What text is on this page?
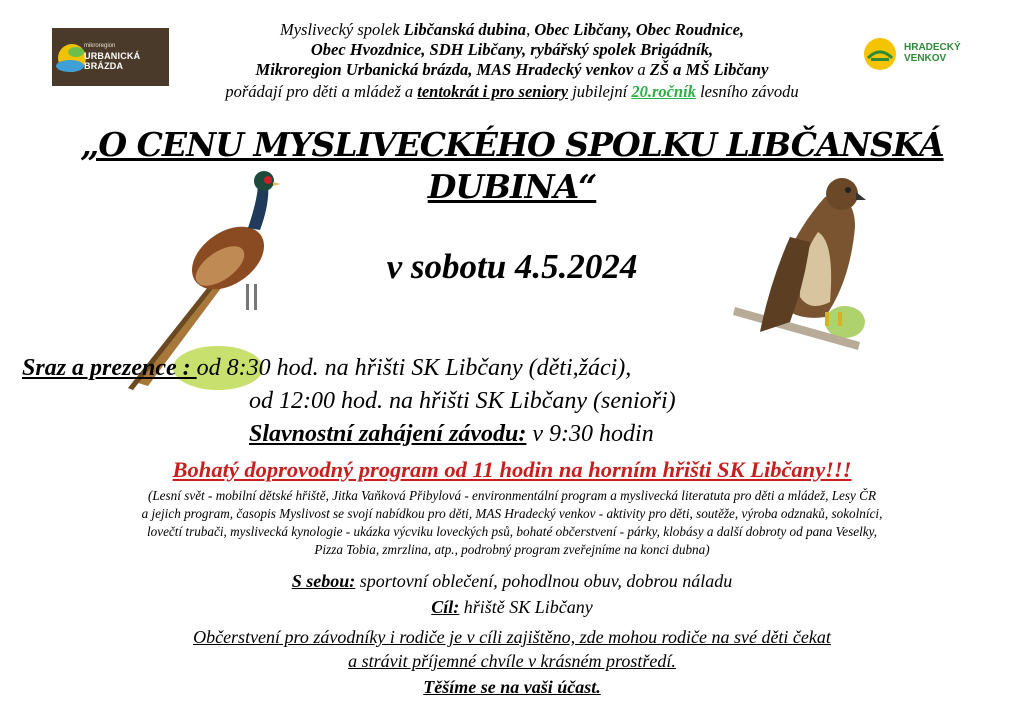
mikroregion
URBANICKÁ BRÁZDA
HRADECKÝ
VENKOV
Myslivecký spolek Libčanská dubina, Obec Libčany, Obec Roudnice,
Obec Hvozdnice, SDH Libčany, rybářský spolek Brigádník,
Mikroregion Urbanická brázda, MAS Hradecký venkov a ZŠ a MŠ Libčany
pořádají pro děti a mládež a tentokrát i pro seniory jubilejní 20.ročník lesního závodu
„O CENU MYSLIVECKÉHO SPOLKU LIBČANSKÁ
DUBINA“
v sobotu 4.5.2024
Sraz a prezence : od 8:30 hod. na hřišti SK Libčany (děti,žáci),
od 12:00 hod. na hřišti SK Libčany (senioři)
Slavnostní zahájení závodu: v 9:30 hodin
Bohatý doprovodný program od 11 hodin na horním hřišti SK Libčany!!!
(Lesní svět - mobilní dětské hřiště, Jitka Vaňková Přibylová - environmentální program a myslivecká literatuta pro děti a mládež, Lesy ČR
a jejich program, časopis Myslivost se svojí nabídkou pro děti, MAS Hradecký venkov - aktivity pro děti, soutěže, výroba odznaků, sokolníci,
lovečtí trubači, myslivecká kynologie - ukázka výcviku loveckých psů, bohaté občerstvení - párky, klobásy a další dobroty od pana Veselky,
Pizza Tobia, zmrzlina, atp., podrobný program zveřejníme na konci dubna)
S sebou: sportovní oblečení, pohodlnou obuv, dobrou náladu
Cíl: hřiště SK Libčany
Občerstvení pro závodníky i rodiče je v cíli zajištěno, zde mohou rodiče na své děti čekat
a strávit příjemné chvíle v krásném prostředí.
Těšíme se na vaši účast.
